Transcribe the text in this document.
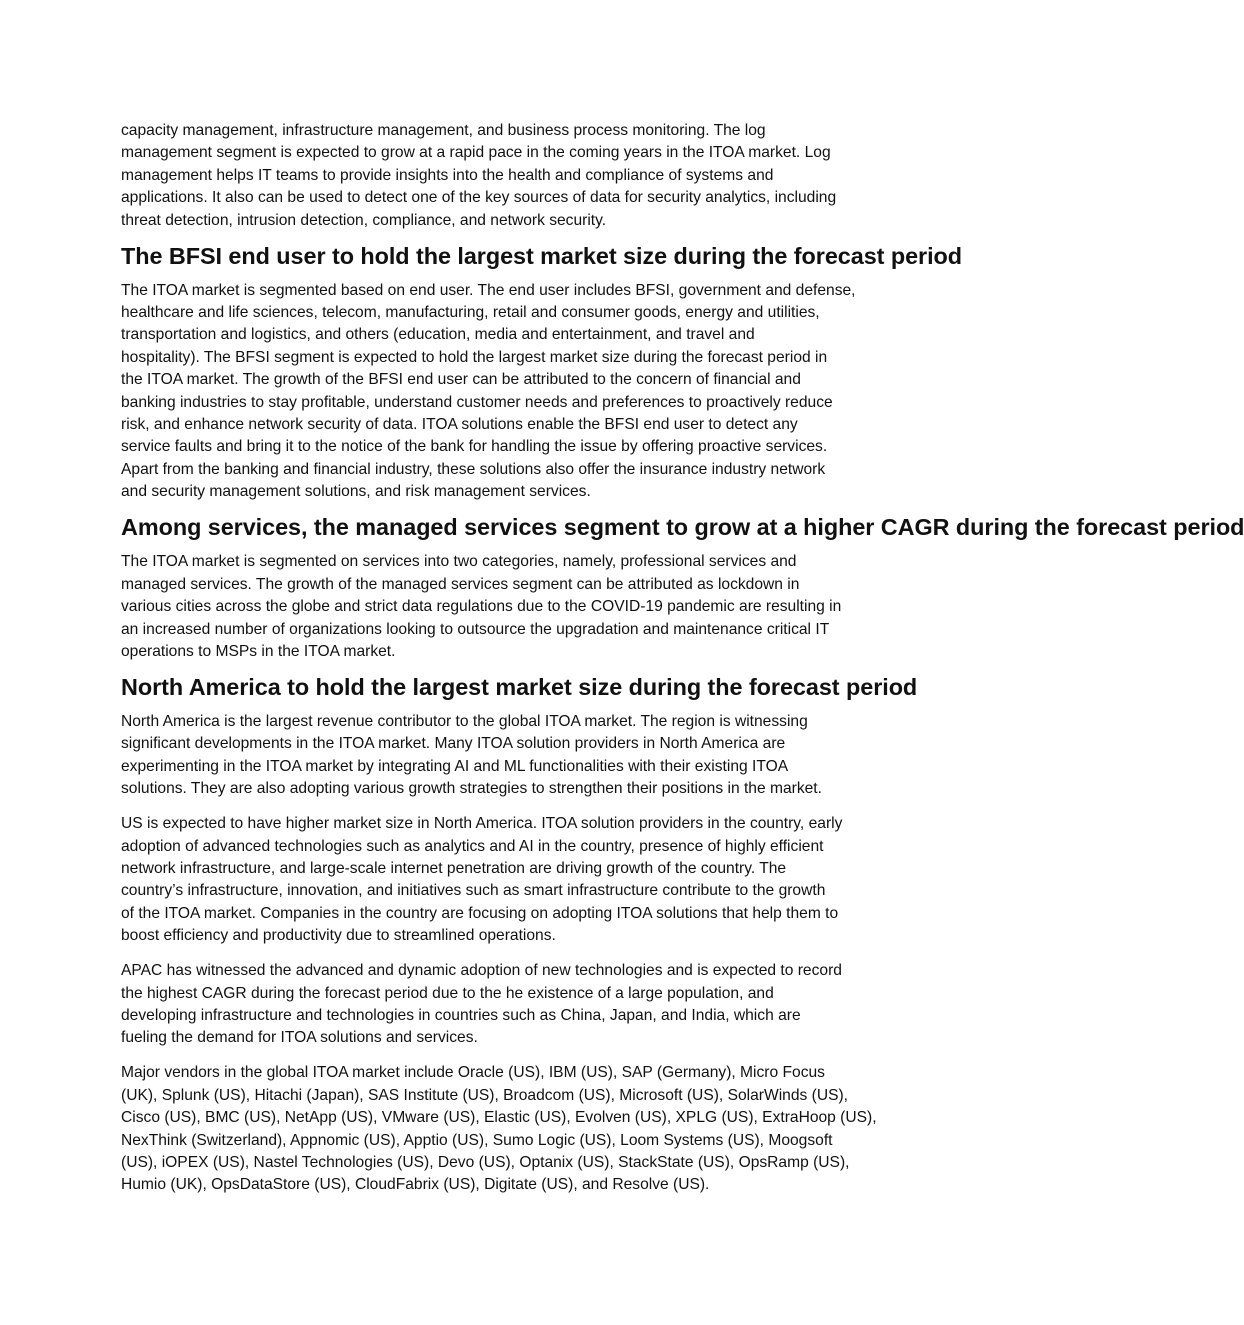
capacity management, infrastructure management, and business process monitoring. The log
management segment is expected to grow at a rapid pace in the coming years in the ITOA market. Log
management helps IT teams to provide insights into the health and compliance of systems and
applications. It also can be used to detect one of the key sources of data for security analytics, including
threat detection, intrusion detection, compliance, and network security.

The BFSI end user to hold the largest market size during the forecast period

The ITOA market is segmented based on end user. The end user includes BFSI, government and defense,
healthcare and life sciences, telecom, manufacturing, retail and consumer goods, energy and utilities,
transportation and logistics, and others (education, media and entertainment, and travel and
hospitality). The BFSI segment is expected to hold the largest market size during the forecast period in
the ITOA market. The growth of the BFSI end user can be attributed to the concern of financial and
banking industries to stay profitable, understand customer needs and preferences to proactively reduce
risk, and enhance network security of data. ITOA solutions enable the BFSI end user to detect any
service faults and bring it to the notice of the bank for handling the issue by offering proactive services.
Apart from the banking and financial industry, these solutions also offer the insurance industry network
and security management solutions, and risk management services.

Among services, the managed services segment to grow at a higher CAGR during the forecast period

The ITOA market is segmented on services into two categories, namely, professional services and
managed services. The growth of the managed services segment can be attributed as lockdown in
various cities across the globe and strict data regulations due to the COVID-19 pandemic are resulting in
an increased number of organizations looking to outsource the upgradation and maintenance critical IT
operations to MSPs in the ITOA market.

North America to hold the largest market size during the forecast period

North America is the largest revenue contributor to the global ITOA market. The region is witnessing
significant developments in the ITOA market. Many ITOA solution providers in North America are
experimenting in the ITOA market by integrating AI and ML functionalities with their existing ITOA
solutions. They are also adopting various growth strategies to strengthen their positions in the market.

US is expected to have higher market size in North America. ITOA solution providers in the country, early
adoption of advanced technologies such as analytics and AI in the country, presence of highly efficient
network infrastructure, and large-scale internet penetration are driving growth of the country. The
country’s infrastructure, innovation, and initiatives such as smart infrastructure contribute to the growth
of the ITOA market. Companies in the country are focusing on adopting ITOA solutions that help them to
boost efficiency and productivity due to streamlined operations.

APAC has witnessed the advanced and dynamic adoption of new technologies and is expected to record
the highest CAGR during the forecast period due to the he existence of a large population, and
developing infrastructure and technologies in countries such as China, Japan, and India, which are
fueling the demand for ITOA solutions and services.

Major vendors in the global ITOA market include Oracle (US), IBM (US), SAP (Germany), Micro Focus
(UK), Splunk (US), Hitachi (Japan), SAS Institute (US), Broadcom (US), Microsoft (US), SolarWinds (US),
Cisco (US), BMC (US), NetApp (US), VMware (US), Elastic (US), Evolven (US), XPLG (US), ExtraHoop (US),
NexThink (Switzerland), Appnomic (US), Apptio (US), Sumo Logic (US), Loom Systems (US), Moogsoft
(US), iOPEX (US), Nastel Technologies (US), Devo (US), Optanix (US), StackState (US), OpsRamp (US),
Humio (UK), OpsDataStore (US), CloudFabrix (US), Digitate (US), and Resolve (US).
